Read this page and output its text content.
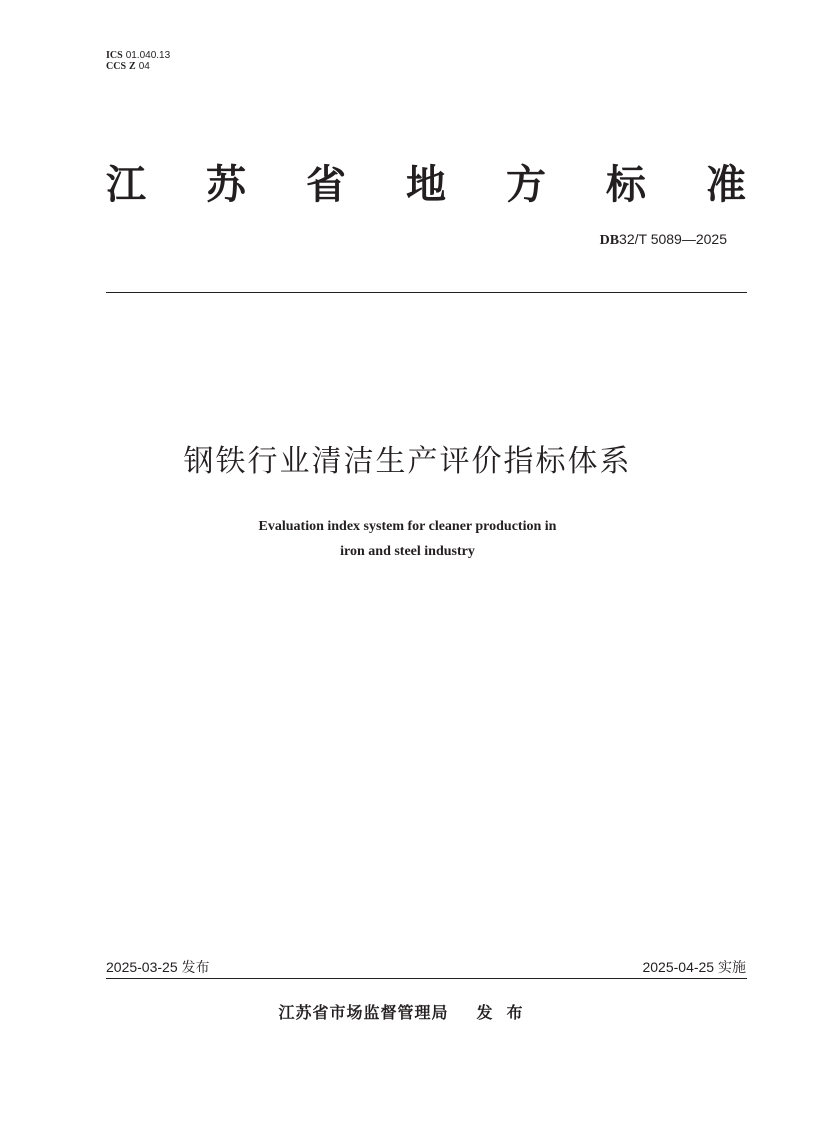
ICS 01.040.13
CCS Z 04
江 苏 省 地 方 标 准
DB32/T 5089—2025
钢铁行业清洁生产评价指标体系
Evaluation index system for cleaner production in
iron and steel industry
2025-03-25 发布	2025-04-25 实施
江苏省市场监督管理局 发布
